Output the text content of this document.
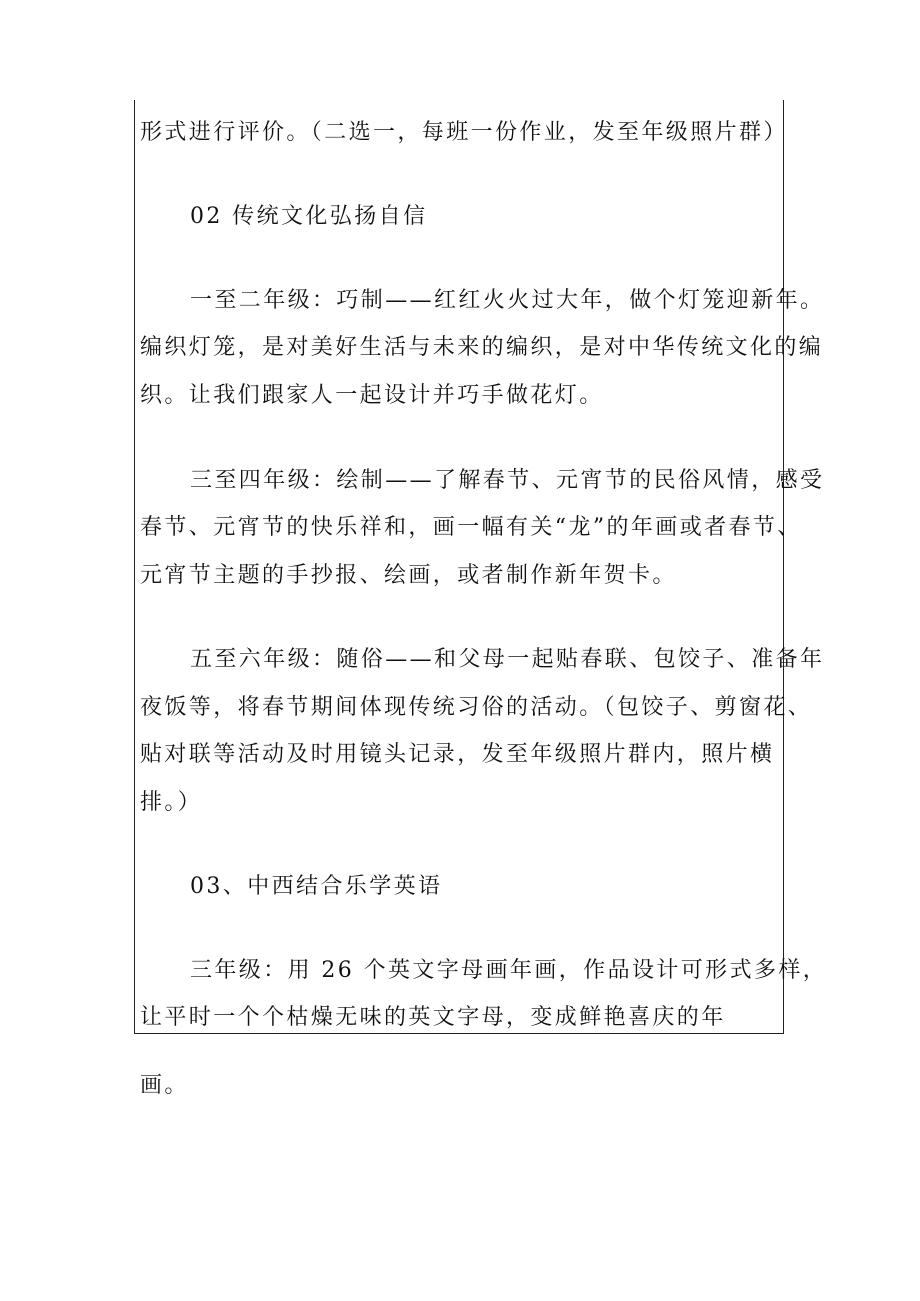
形式进行评价。（二选一，每班一份作业，发至年级照片群）

02 传统文化弘扬自信

一至二年级：巧制——红红火火过大年，做个灯笼迎新年。

编织灯笼，是对美好生活与未来的编织，是对中华传统文化的编

织。让我们跟家人一起设计并巧手做花灯。

三至四年级：绘制——了解春节、元宵节的民俗风情，感受

春节、元宵节的快乐祥和，画一幅有关“龙”的年画或者春节、

元宵节主题的手抄报、绘画，或者制作新年贺卡。

五至六年级：随俗——和父母一起贴春联、包饺子、准备年

夜饭等，将春节期间体现传统习俗的活动。（包饺子、剪窗花、

贴对联等活动及时用镜头记录，发至年级照片群内，照片横

排。）

03、中西结合乐学英语

三年级：用 26 个英文字母画年画，作品设计可形式多样，

让平时一个个枯燥无味的英文字母，变成鲜艳喜庆的年

画。
